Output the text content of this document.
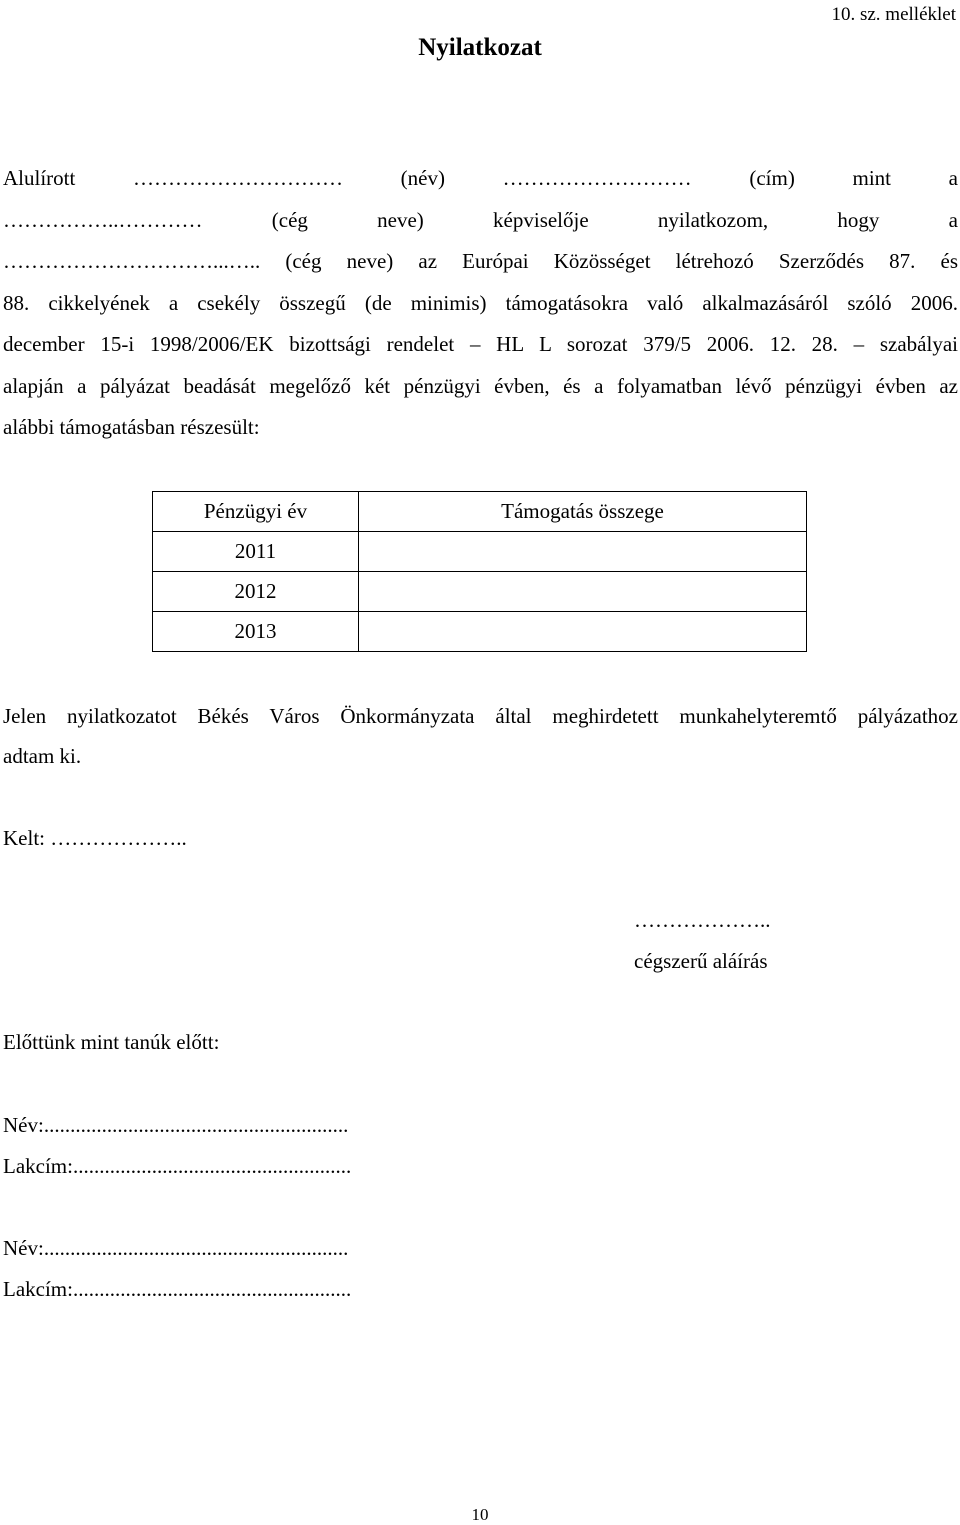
10. sz. melléklet
Nyilatkozat
Alulírott ………………………… (név) ……………………… (cím) mint a
……………..………… (cég neve) képviselője nyilatkozom, hogy a
…………………………...….. (cég neve) az Európai Közösséget létrehozó Szerződés 87. és
88. cikkelyének a csekély összegű (de minimis) támogatásokra való alkalmazásáról szóló 2006.
december 15-i 1998/2006/EK bizottsági rendelet – HL L sorozat 379/5 2006. 12. 28. – szabályai
alapján a pályázat beadását megelőző két pénzügyi évben, és a folyamatban lévő pénzügyi évben az
alábbi támogatásban részesült:
Pénzügyi év	Támogatás összege
2011	
2012	
2013	
Jelen nyilatkozatot Békés Város Önkormányzata által meghirdetett munkahelyteremtő pályázathoz
adtam ki.
Kelt: ………………..
………………..
cégszerű aláírás
Előttünk mint tanúk előtt:
Név:..........................................................
Lakcím:.....................................................
Név:..........................................................
Lakcím:.....................................................
10
